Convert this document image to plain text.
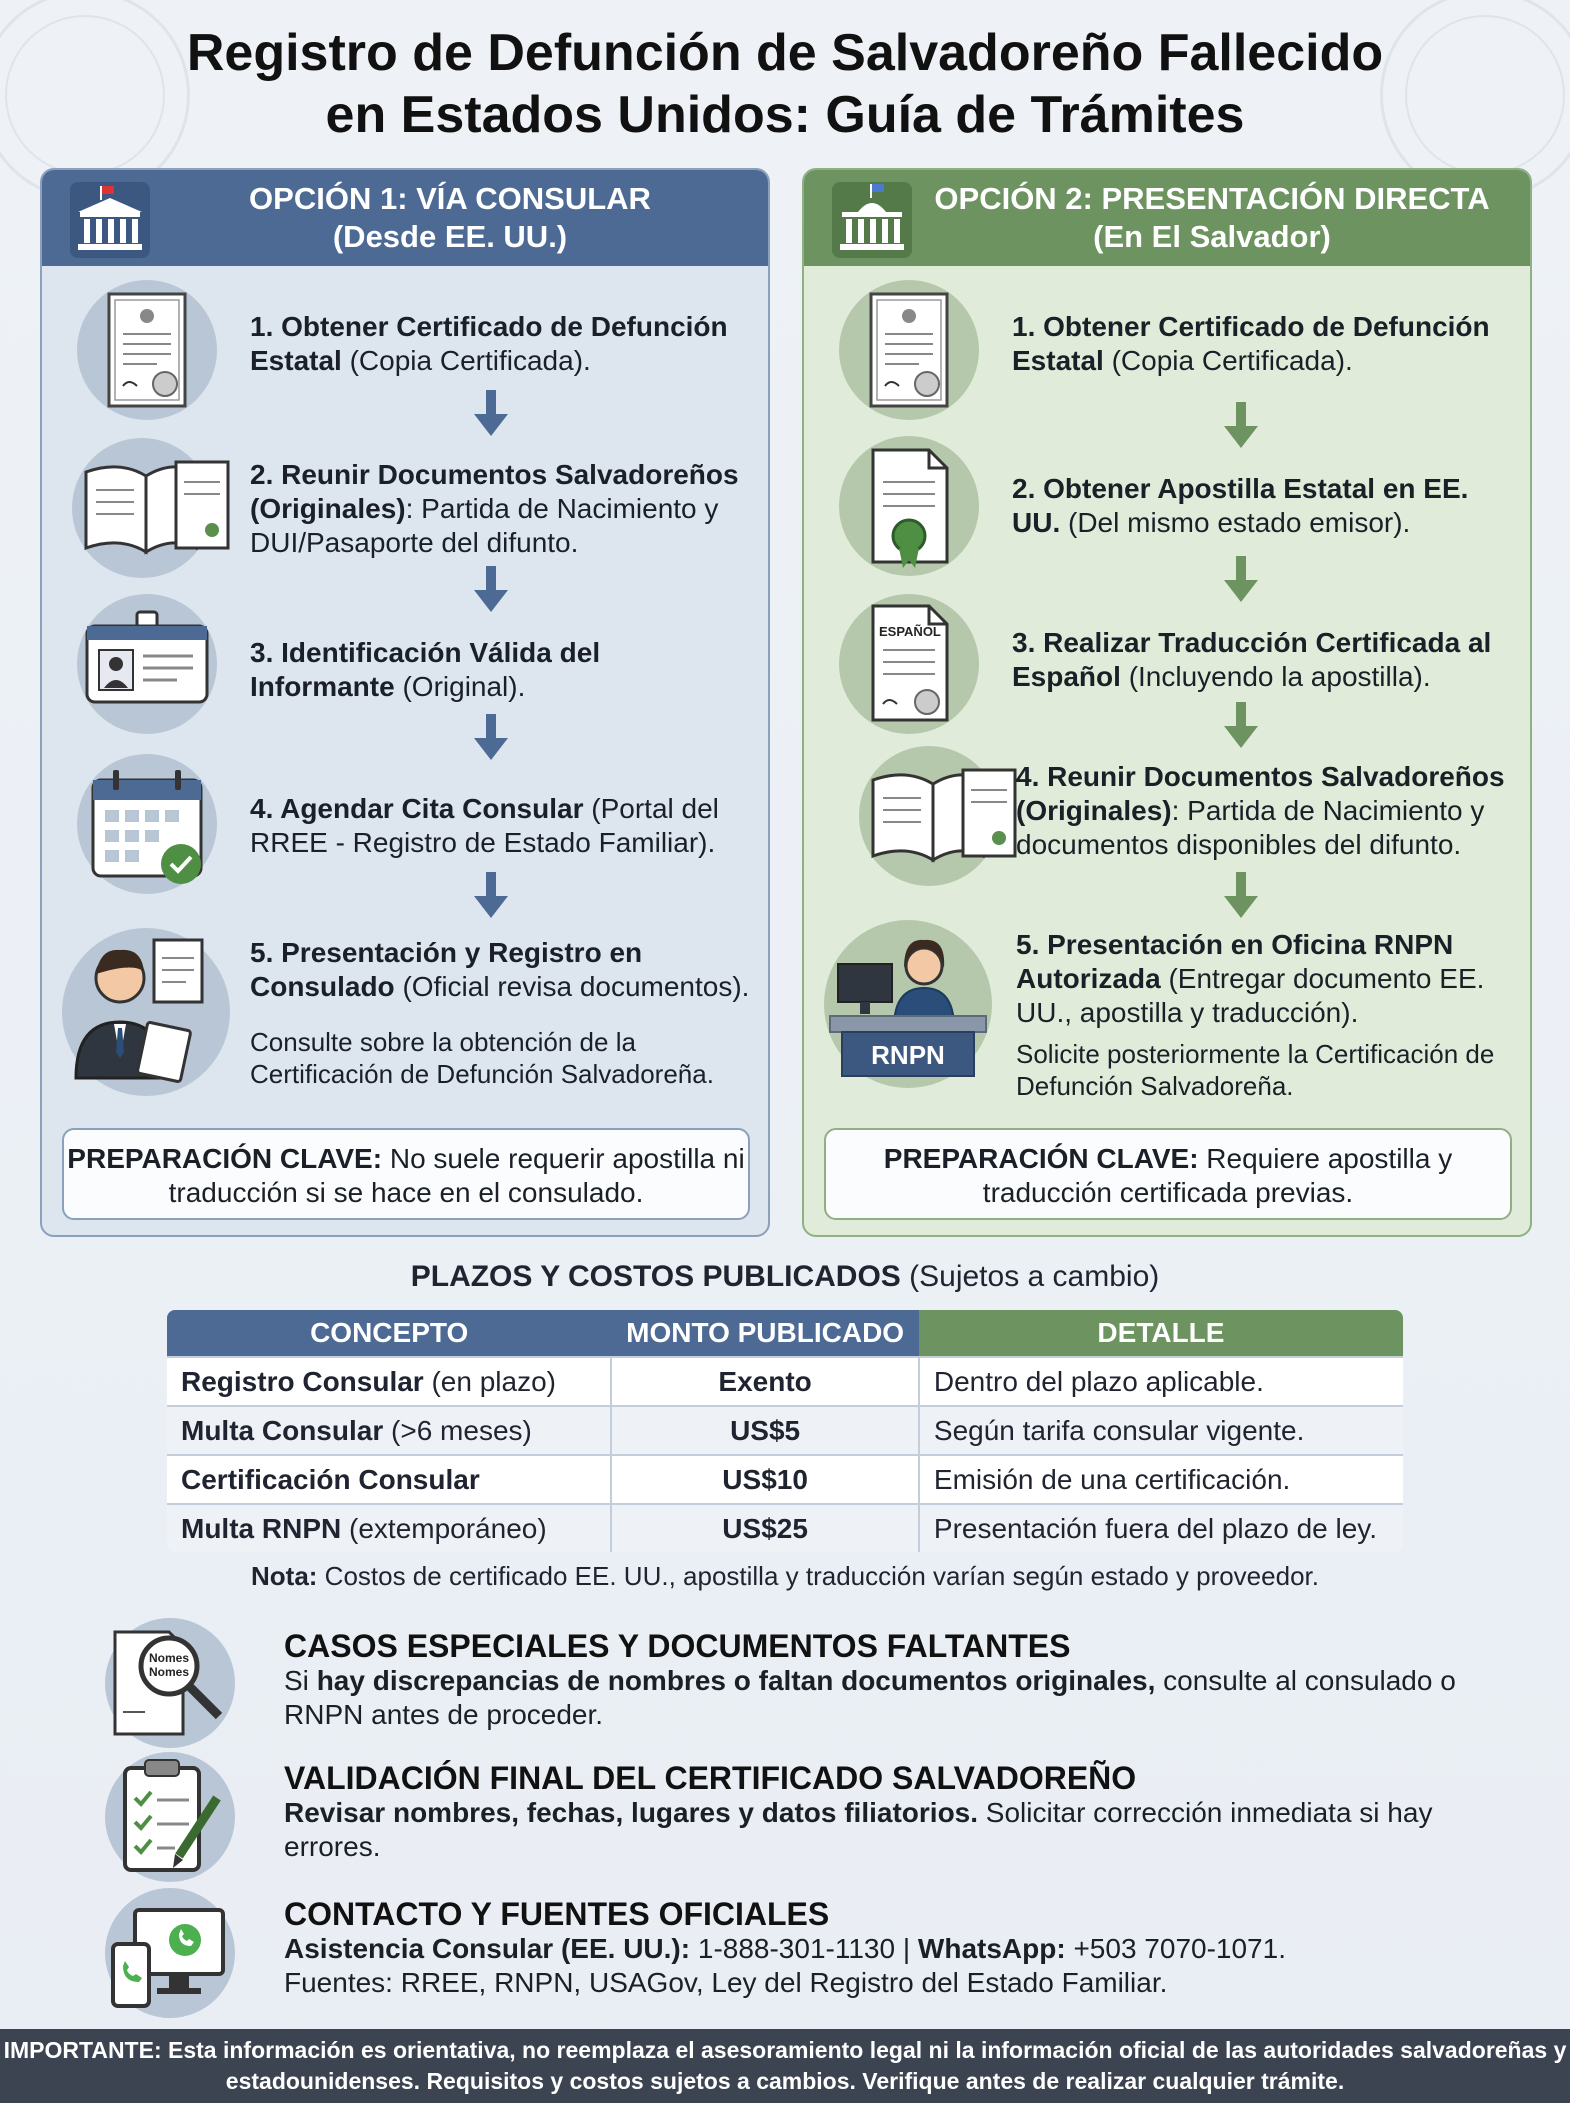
Registro de Defunción de Salvadoreño Fallecido
en Estados Unidos: Guía de Trámites
OPCIÓN 1: VÍA CONSULAR
(Desde EE. UU.)
1. Obtener Certificado de Defunción Estatal (Copia Certificada).
2. Reunir Documentos Salvadoreños (Originales): Partida de Nacimiento y DUI/Pasaporte del difunto.
3. Identificación Válida del Informante (Original).
4. Agendar Cita Consular (Portal del RREE - Registro de Estado Familiar).
5. Presentación y Registro en Consulado (Oficial revisa documentos).
Consulte sobre la obtención de la Certificación de Defunción Salvadoreña.
PREPARACIÓN CLAVE: No suele requerir apostilla ni traducción si se hace en el consulado.
OPCIÓN 2: PRESENTACIÓN DIRECTA
(En El Salvador)
1. Obtener Certificado de Defunción Estatal (Copia Certificada).
2. Obtener Apostilla Estatal en EE. UU. (Del mismo estado emisor).
ESPAÑOL	3. Realizar Traducción Certificada al Español (Incluyendo la apostilla).
4. Reunir Documentos Salvadoreños (Originales): Partida de Nacimiento y documentos disponibles del difunto.
RNPN
5. Presentación en Oficina RNPN Autorizada (Entregar documento EE. UU., apostilla y traducción).
Solicite posteriormente la Certificación de Defunción Salvadoreña.
PREPARACIÓN CLAVE: Requiere apostilla y traducción certificada previas.
PLAZOS Y COSTOS PUBLICADOS (Sujetos a cambio)
CONCEPTO	MONTO PUBLICADO	DETALLE
Registro Consular (en plazo)	Exento	Dentro del plazo aplicable.
Multa Consular (>6 meses)	US$5	Según tarifa consular vigente.
Certificación Consular	US$10	Emisión de una certificación.
Multa RNPN (extemporáneo)	US$25	Presentación fuera del plazo de ley.
Nota: Costos de certificado EE. UU., apostilla y traducción varían según estado y proveedor.
Nomes
Nomes
CASOS ESPECIALES Y DOCUMENTOS FALTANTES
Si hay discrepancias de nombres o faltan documentos originales, consulte al consulado o RNPN antes de proceder.
VALIDACIÓN FINAL DEL CERTIFICADO SALVADOREÑO
Revisar nombres, fechas, lugares y datos filiatorios. Solicitar corrección inmediata si hay errores.
CONTACTO Y FUENTES OFICIALES
Asistencia Consular (EE. UU.): 1-888-301-1130 | WhatsApp: +503 7070-1071.
Fuentes: RREE, RNPN, USAGov, Ley del Registro del Estado Familiar.
IMPORTANTE: Esta información es orientativa, no reemplaza el asesoramiento legal ni la información oficial de las autoridades salvadoreñas y estadounidenses. Requisitos y costos sujetos a cambios. Verifique antes de realizar cualquier trámite.
